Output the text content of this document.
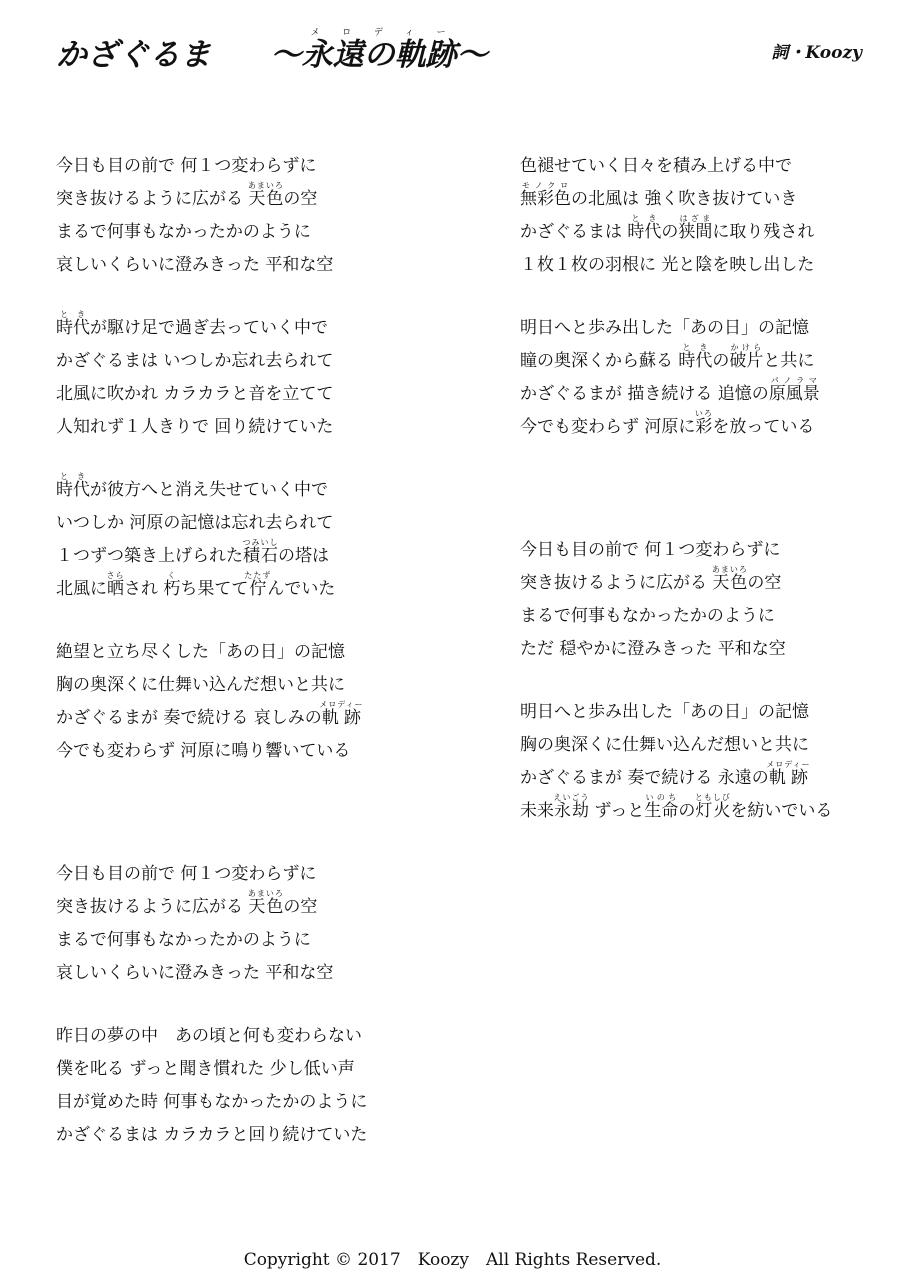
かざぐるま 〜永遠の軌跡メロディー〜	詞・Koozy
今日も目の前で 何１つ変わらずに
突き抜けるように広がる 天色あまいろの空
まるで何事もなかったかのように
哀しいくらいに澄みきった 平和な空
時と代きが駆け足で過ぎ去っていく中で
かざぐるまは いつしか忘れ去られて
北風に吹かれ カラカラと音を立てて
人知れず１人きりで 回り続けていた
時と代きが彼方へと消え失せていく中で
いつしか 河原の記憶は忘れ去られて
１つずつ築き上げられた積石つみいしの塔は
北風に晒さらされ 朽くち果てて佇たたずんでいた
絶望と立ち尽くした「あの日」の記憶
胸の奥深くに仕舞い込んだ想いと共に
かざぐるまが 奏で続ける 哀しみの軌跡メロディー
今でも変わらず 河原に鳴り響いている
今日も目の前で 何１つ変わらずに
突き抜けるように広がる 天色あまいろの空
まるで何事もなかったかのように
哀しいくらいに澄みきった 平和な空
昨日の夢の中　あの頃と何も変わらない
僕を叱る ずっと聞き慣れた 少し低い声
目が覚めた時 何事もなかったかのように
かざぐるまは カラカラと回り続けていた
色褪せていく日々を積み上げる中で
無彩色モノクロの北風は 強く吹き抜けていき
かざぐるまは 時と代きの狭間はざまに取り残され
１枚１枚の羽根に 光と陰を映し出した
明日へと歩み出した「あの日」の記憶
瞳の奥深くから蘇る 時と代きの破片かけらと共に
かざぐるまが 描き続ける 追憶の原風景パノラマ
今でも変わらず 河原に彩いろを放っている
今日も目の前で 何１つ変わらずに
突き抜けるように広がる 天色あまいろの空
まるで何事もなかったかのように
ただ 穏やかに澄みきった 平和な空
明日へと歩み出した「あの日」の記憶
胸の奥深くに仕舞い込んだ想いと共に
かざぐるまが 奏で続ける 永遠の軌跡メロディー
未来永劫えいごう ずっと生命いのちの灯火ともしびを紡いでいる
Copyright © 2017　Koozy　All Rights Reserved.
